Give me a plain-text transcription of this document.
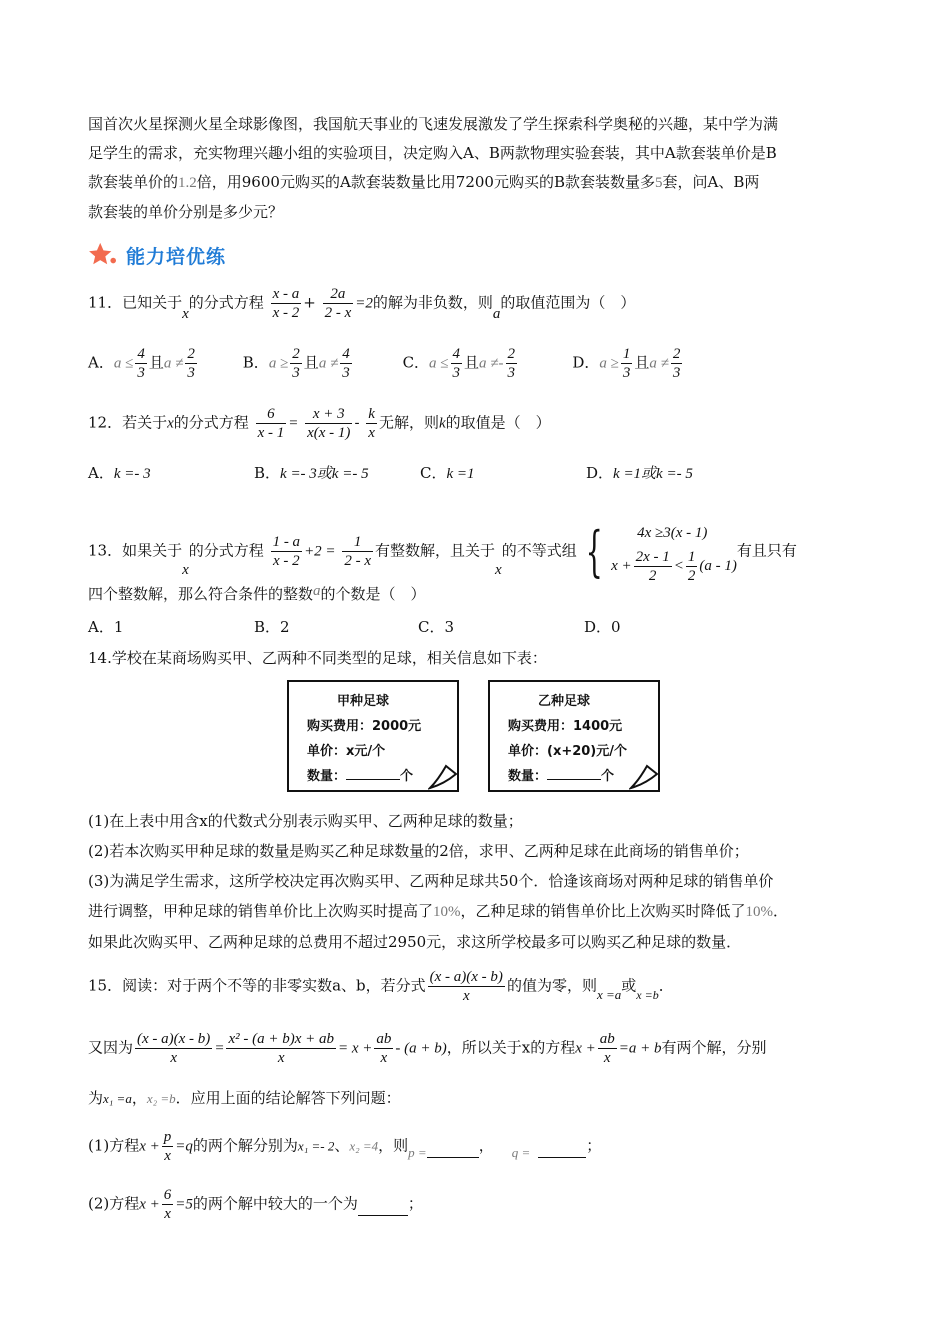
国首次火星探测火星全球影像图，我国航天事业的飞速发展激发了学生探索科学奥秘的兴趣，某中学为满
足学生的需求，充实物理兴趣小组的实验项目，决定购入A、B两款物理实验套装，其中A款套装单价是B
款套装单价的1.2倍，用9600元购买的A款套装数量比用7200元购买的B款套装数量多5套，问A、B两
款套装的单价分别是多少元？
能力培优练
11．已知关于x的分式方程 $\frac{x - a}{x - 2} + \frac{2a}{2 - x} =2$的解为非负数，则a的取值范围为（　）
A．$a \le \frac{4}{3}$ 且$a \ne \frac{2}{3}$	B．$a \ge \frac{2}{3}$ 且$a \ne \frac{4}{3}$	C．$a \le \frac{4}{3}$ 且$a \ne- \frac{2}{3}$	D．$a \ge \frac{1}{3}$ 且$a \ne \frac{2}{3}$
12．若关于x的分式方程 $\frac{6}{x - 1} = \frac{x + 3}{x(x - 1)} - \frac{k}{x}$ 无解，则k的取值是（　）
A．k =- 3	B．k =- 3或k =- 5	C．k =1	D．k =1或k =- 5
13．如果关于x的分式方程 $\frac{1 - a}{x - 2} +2 = \frac{1}{2 - x}$ 有整数解，且关于x的不等式组 { 4x ≥3(x - 1)
$x + \frac{2x - 1}{2} < \frac{1}{2} (a - 1)$
有且只有
四个整数解，那么符合条件的整数a的个数是（　）
A．1	B．2	C．3	D．0
14.学校在某商场购买甲、乙两种不同类型的足球，相关信息如下表：
甲种足球
购买费用：2000元
单价：x元/个
数量：	个
乙种足球
购买费用：1400元
单价：(x+20)元/个
数量：	个
(1)在上表中用含x的代数式分别表示购买甲、乙两种足球的数量；
(2)若本次购买甲种足球的数量是购买乙种足球数量的2倍，求甲、乙两种足球在此商场的销售单价；
(3)为满足学生需求，这所学校决定再次购买甲、乙两种足球共50个．恰逢该商场对两种足球的销售单价
进行调整，甲种足球的销售单价比上次购买时提高了10%，乙种足球的销售单价比上次购买时降低了10%．
如果此次购买甲、乙两种足球的总费用不超过2950元，求这所学校最多可以购买乙种足球的数量．
15．阅读：对于两个不等的非零实数a、b，若分式 $\frac{(x - a)(x - b)}{x}$ 的值为零，则x =a或$_{x =b}$．
又因为 $\frac{(x - a)(x - b)}{x} = \frac{\text{x² - (a + b)x + ab}}{x} = x + \frac{ab}{x} - (a + b)$，所以关于x的方程$x + \frac{ab}{x} =a + b$有两个解，分别
为x₁ =a，x₂ =b．应用上面的结论解答下列问题：
(1)方程$x + \frac{p}{x} =q$的两个解分别为x₁ =- 2、x₂ =4，则p =	， q =	；
(2)方程$x + \frac{6}{x} =5$的两个解中较大的一个为	；
